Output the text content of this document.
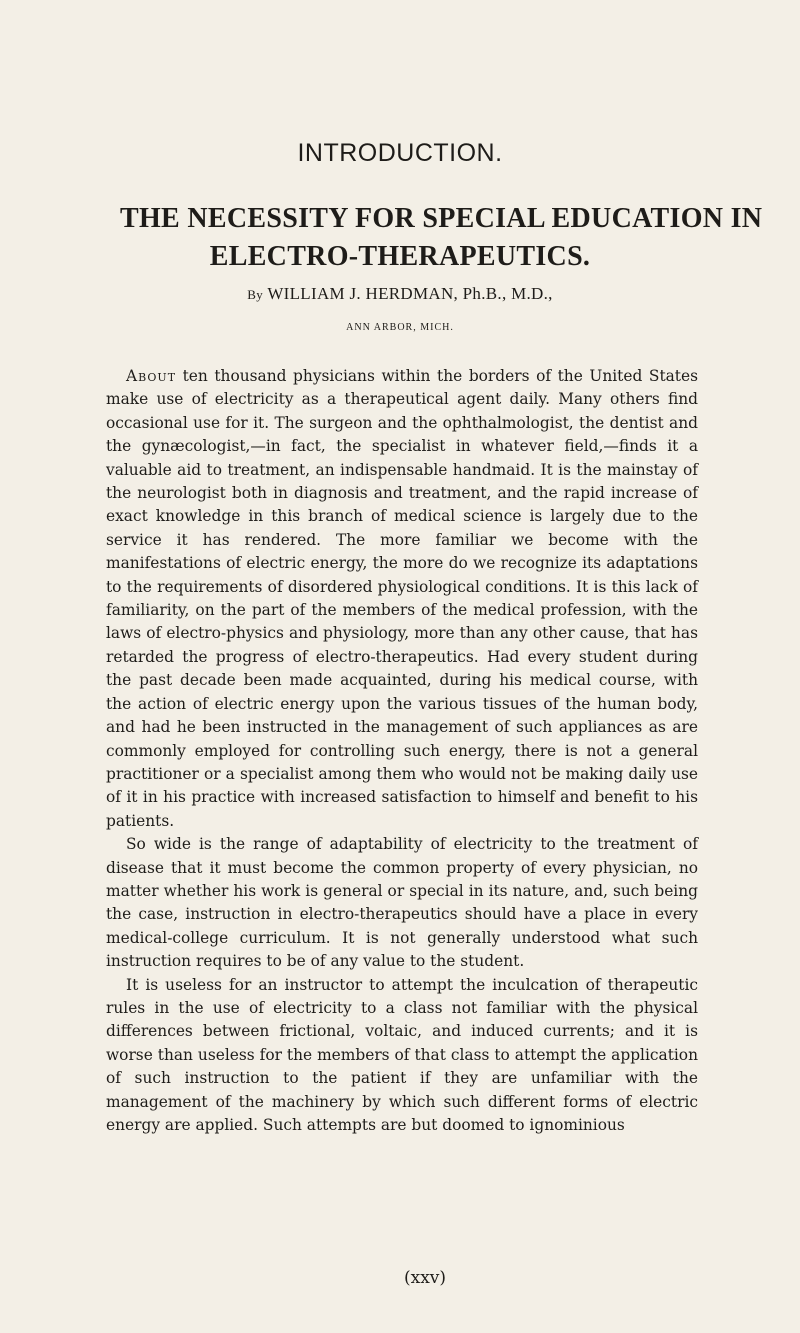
INTRODUCTION.
THE NECESSITY FOR SPECIAL EDUCATION IN
ELECTRO-THERAPEUTICS.
By WILLIAM J. HERDMAN, Ph.B., M.D.,
ANN ARBOR, MICH.

About ten thousand physicians within the borders of the United States make use of electricity as a therapeutical agent daily. Many others find occasional use for it. The surgeon and the ophthalmologist, the dentist and the gynæcologist,—in fact, the specialist in whatever field,—finds it a valuable aid to treatment, an indispensable handmaid. It is the mainstay of the neurologist both in diagnosis and treatment, and the rapid increase of exact knowledge in this branch of medical science is largely due to the service it has rendered. The more familiar we become with the manifestations of electric energy, the more do we recognize its adaptations to the requirements of disordered physiological conditions. It is this lack of familiarity, on the part of the members of the medical profession, with the laws of electro-physics and physiology, more than any other cause, that has retarded the progress of electro-therapeutics. Had every student during the past decade been made acquainted, during his medical course, with the action of electric energy upon the various tissues of the human body, and had he been instructed in the management of such appliances as are commonly employed for controlling such energy, there is not a general practitioner or a specialist among them who would not be making daily use of it in his practice with increased satisfaction to himself and benefit to his patients.

So wide is the range of adaptability of electricity to the treatment of disease that it must become the common property of every physician, no matter whether his work is general or special in its nature, and, such being the case, instruction in electro-therapeutics should have a place in every medical-college curriculum. It is not generally understood what such instruction requires to be of any value to the student.

It is useless for an instructor to attempt the inculcation of therapeutic rules in the use of electricity to a class not familiar with the physical differences between frictional, voltaic, and induced currents; and it is worse than useless for the members of that class to attempt the application of such instruction to the patient if they are unfamiliar with the management of the machinery by which such different forms of electric energy are applied. Such attempts are but doomed to ignominious

(xxv)
